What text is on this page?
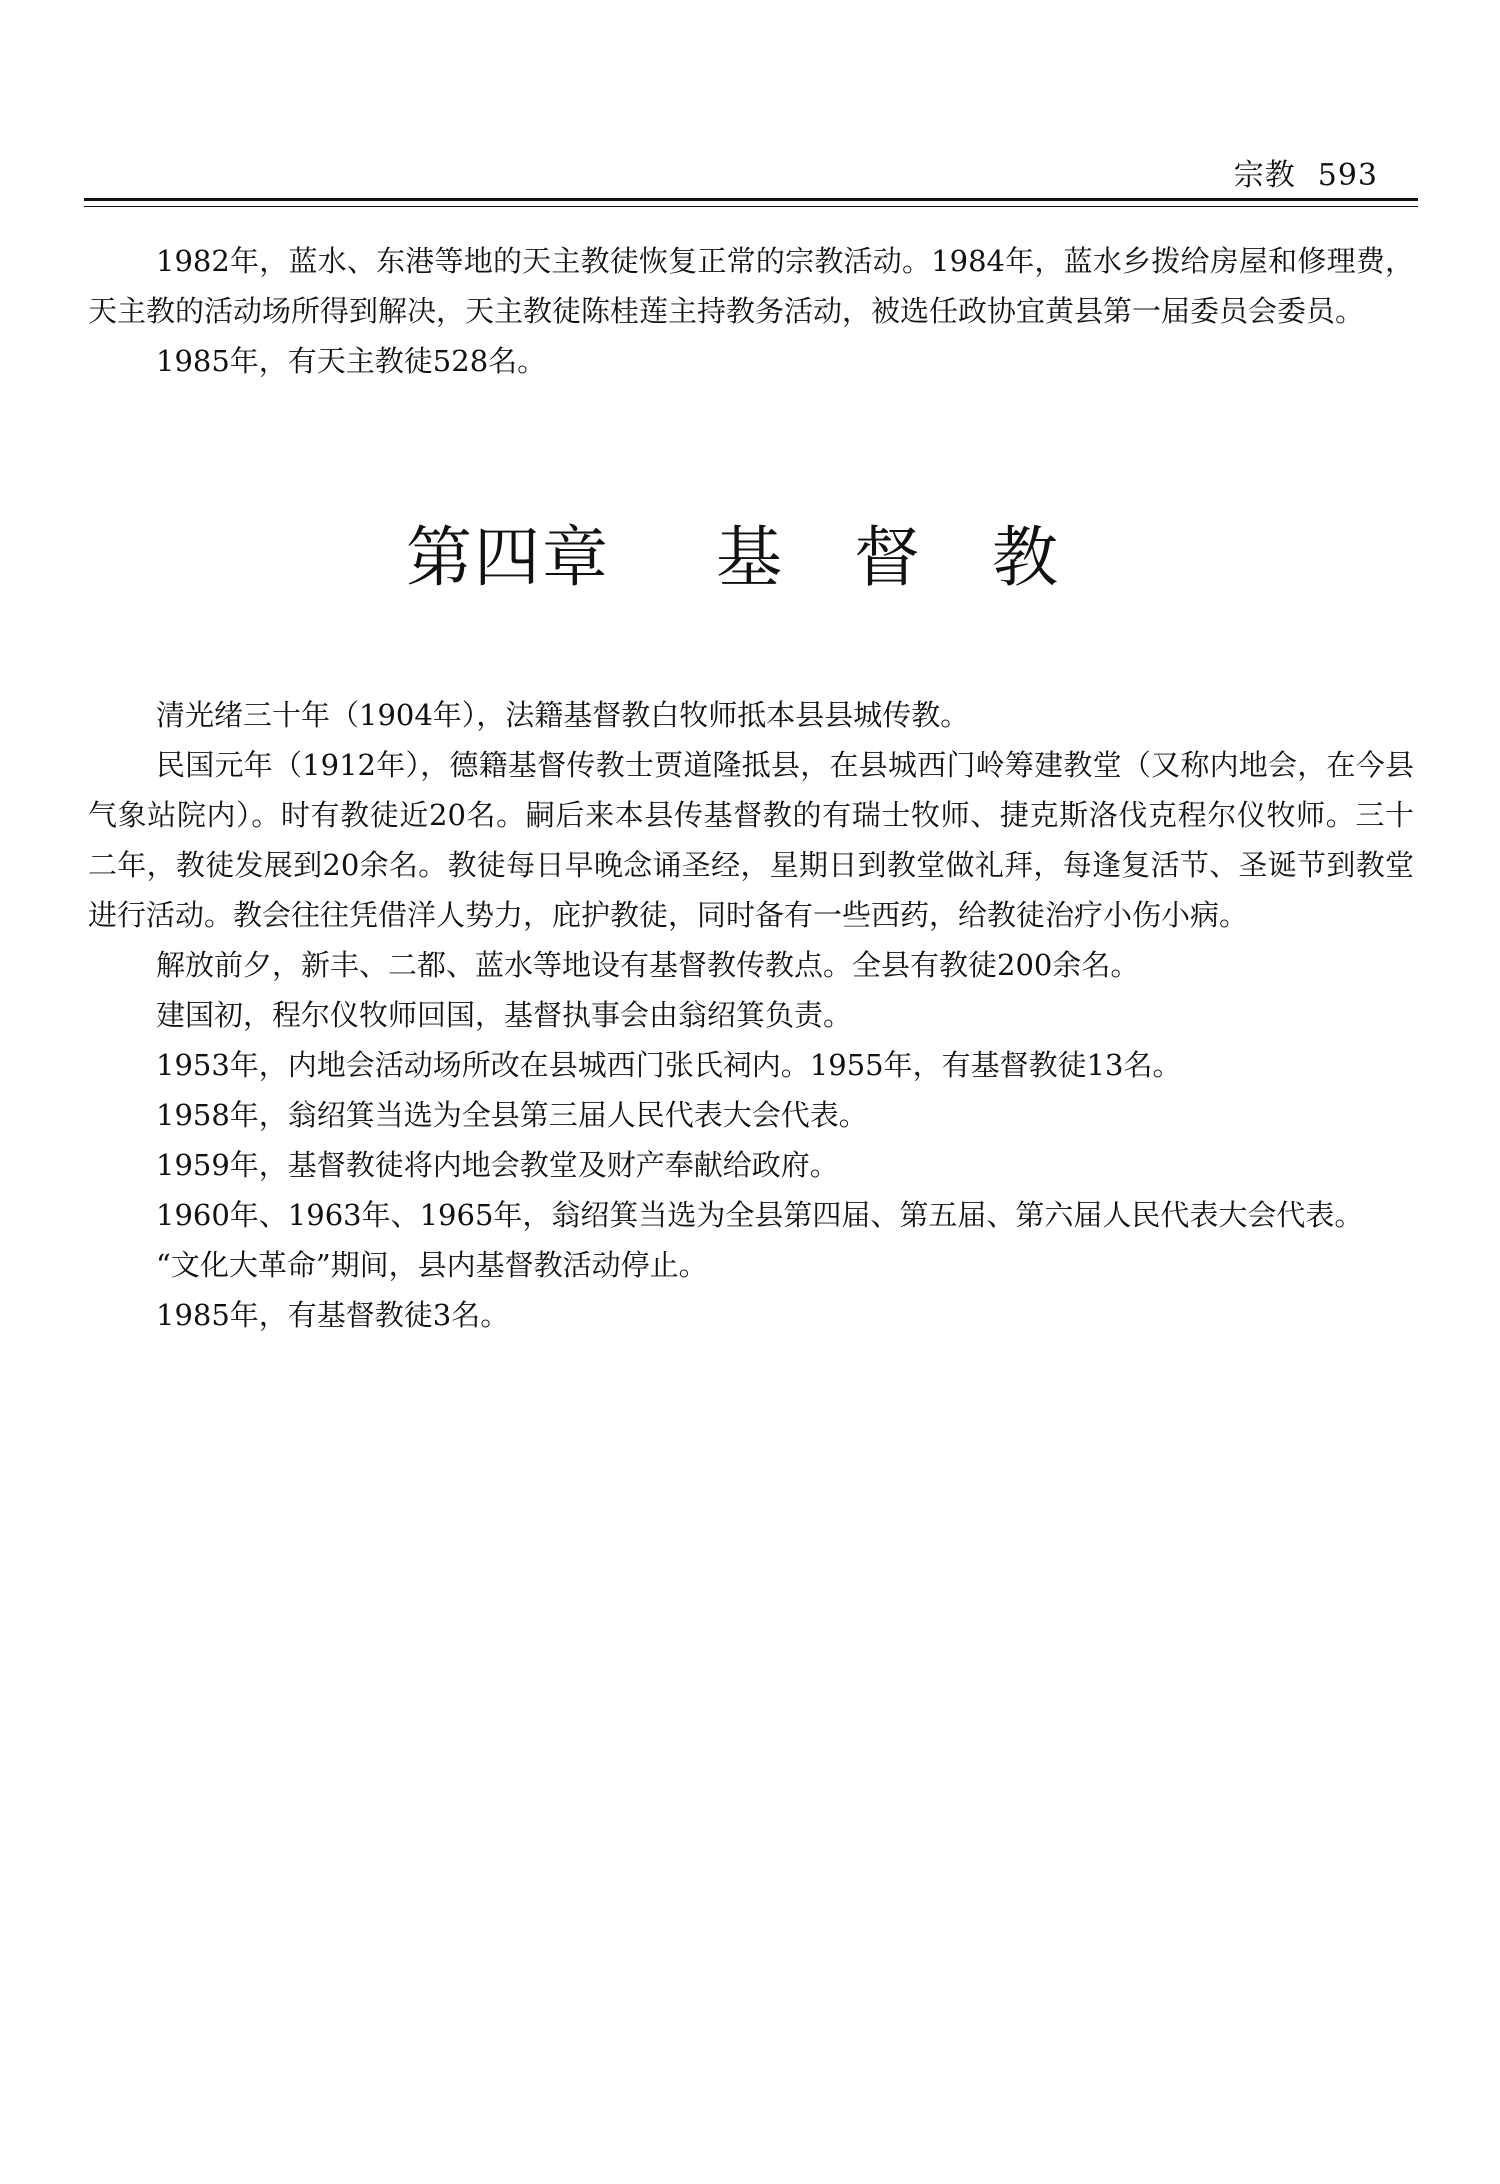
宗教 593

1982年，蓝水、东港等地的天主教徒恢复正常的宗教活动。1984年，蓝水乡拨给房屋和修理费，天主教的活动场所得到解决，天主教徒陈桂莲主持教务活动，被选任政协宜黄县第一届委员会委员。

1985年，有天主教徒528名。

第四章 基 督 教

清光绪三十年（1904年），法籍基督教白牧师抵本县县城传教。

民国元年（1912年），德籍基督传教士贾道隆抵县，在县城西门岭筹建教堂（又称内地会，在今县气象站院内）。时有教徒近20名。嗣后来本县传基督教的有瑞士牧师、捷克斯洛伐克程尔仪牧师。三十二年，教徒发展到20余名。教徒每日早晚念诵圣经，星期日到教堂做礼拜，每逢复活节、圣诞节到教堂进行活动。教会往往凭借洋人势力，庇护教徒，同时备有一些西药，给教徒治疗小伤小病。

解放前夕，新丰、二都、蓝水等地设有基督教传教点。全县有教徒200余名。

建国初，程尔仪牧师回国，基督执事会由翁绍箕负责。

1953年，内地会活动场所改在县城西门张氏祠内。1955年，有基督教徒13名。

1958年，翁绍箕当选为全县第三届人民代表大会代表。

1959年，基督教徒将内地会教堂及财产奉献给政府。

1960年、1963年、1965年，翁绍箕当选为全县第四届、第五届、第六届人民代表大会代表。

“文化大革命”期间，县内基督教活动停止。

1985年，有基督教徒3名。
